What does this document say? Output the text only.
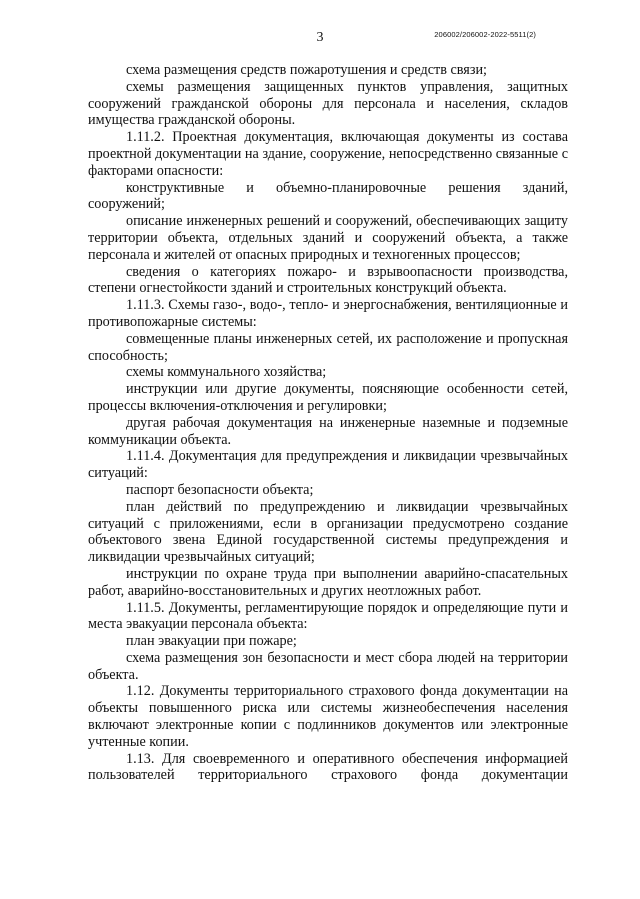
3	206002/206002-2022-5511(2)

схема размещения средств пожаротушения и средств связи;

схемы размещения защищенных пунктов управления, защитных сооружений гражданской обороны для персонала и населения, складов имущества гражданской обороны.

1.11.2. Проектная документация, включающая документы из состава проектной документации на здание, сооружение, непосредственно связанные с факторами опасности:

конструктивные и объемно-планировочные решения зданий, сооружений;

описание инженерных решений и сооружений, обеспечивающих защиту территории объекта, отдельных зданий и сооружений объекта, а также персонала и жителей от опасных природных и техногенных процессов;

сведения о категориях пожаро- и взрывоопасности производства, степени огнестойкости зданий и строительных конструкций объекта.

1.11.3. Схемы газо-, водо-, тепло- и энергоснабжения, вентиляционные и противопожарные системы:

совмещенные планы инженерных сетей, их расположение и пропускная способность;

схемы коммунального хозяйства;

инструкции или другие документы, поясняющие особенности сетей, процессы включения-отключения и регулировки;

другая рабочая документация на инженерные наземные и подземные коммуникации объекта.

1.11.4. Документация для предупреждения и ликвидации чрезвычайных ситуаций:

паспорт безопасности объекта;

план действий по предупреждению и ликвидации чрезвычайных ситуаций с приложениями, если в организации предусмотрено создание объектового звена Единой государственной системы предупреждения и ликвидации чрезвычайных ситуаций;

инструкции по охране труда при выполнении аварийно-спасательных работ, аварийно-восстановительных и других неотложных работ.

1.11.5. Документы, регламентирующие порядок и определяющие пути и места эвакуации персонала объекта:

план эвакуации при пожаре;

схема размещения зон безопасности и мест сбора людей на территории объекта.

1.12. Документы территориального страхового фонда документации на объекты повышенного риска или системы жизнеобеспечения населения включают электронные копии с подлинников документов или электронные учтенные копии.

1.13. Для своевременного и оперативного обеспечения информацией пользователей территориального страхового фонда документации
